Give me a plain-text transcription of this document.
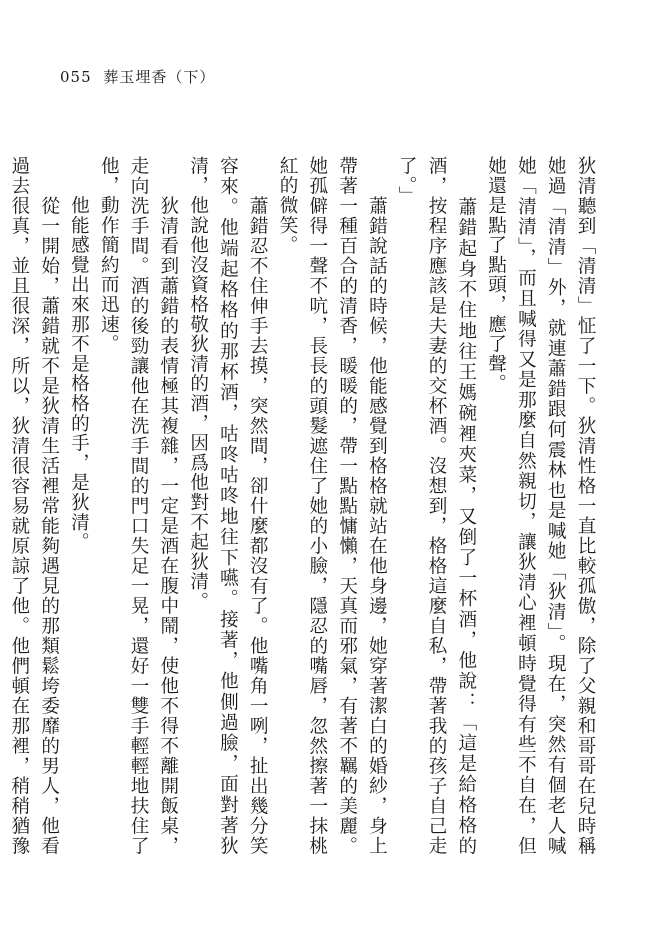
055 葬玉埋香（下）
狄清聽到「清清」怔了一下。狄清性格一直比較孤傲，除了父親和哥哥在兒時稱她過「清清」外，就連蕭錯跟何震林也是喊她「狄清」。現在，突然有個老人喊她「清清」，而且喊得又是那麼自然親切，讓狄清心裡頓時覺得有些不自在，但她還是點了點頭，應了聲。
　　蕭錯起身不住地往王媽碗裡夾菜，又倒了一杯酒，他說：「這是給格格的酒，按程序應該是夫妻的交杯酒。沒想到，格格這麼自私，帶著我的孩子自己走了。」
　　蕭錯說話的時候，他能感覺到格格就站在他身邊，她穿著潔白的婚紗，身上帶著一種百合的清香，暖暖的，帶一點點慵懶，天真而邪氣，有著不羈的美麗。她孤僻得一聲不吭，長長的頭髮遮住了她的小臉，隱忍的嘴唇，忽然擦著一抹桃紅的微笑。
　　蕭錯忍不住伸手去摸，突然間，卻什麼都沒有了。他嘴角一咧，扯出幾分笑容來。他端起格格的那杯酒，咕咚咕咚地往下嚥。接著，他側過臉，面對著狄清，他說他沒資格敬狄清的酒，因爲他對不起狄清。
　　狄清看到蕭錯的表情極其複雜，一定是酒在腹中鬧，使他不得不離開飯桌，走向洗手間。酒的後勁讓他在洗手間的門口失足一晃，還好一雙手輕輕地扶住了他，動作簡約而迅速。
　　他能感覺出來那不是格格的手，是狄清。
　　從一開始，蕭錯就不是狄清生活裡常能夠遇見的那類鬆垮委靡的男人，他看過去很真，並且很深，所以，狄清很容易就原諒了他。他們頓在那裡，稍稍猶豫
